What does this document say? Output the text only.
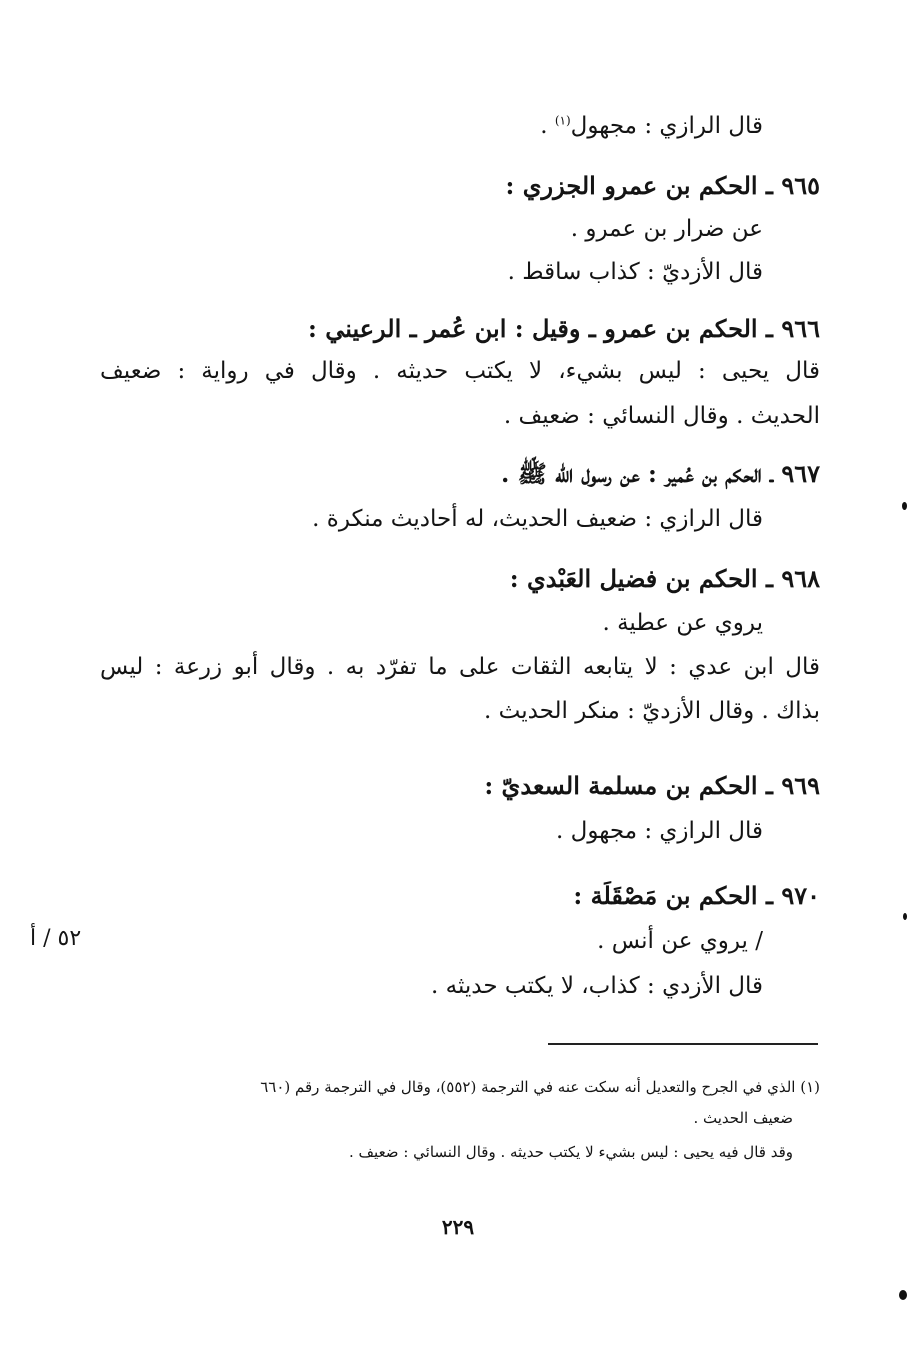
قال الرازي : مجهول$^{(١)}$ .
٩٦٥ ـ الحكم بن عمرو الجزري :
عن ضرار بن عمرو .
قال الأزديّ : كذاب ساقط .
٩٦٦ ـ الحكم بن عمرو ـ وقيل : ابن عُمر ـ الرعيني :
قال يحيى : ليس بشيء، لا يكتب حديثه . وقال في رواية : ضعيف
الحديث . وقال النسائي : ضعيف .
٩٦٧ ـ الحكم بن عُمير : عن رسول الله ﷺ .
قال الرازي : ضعيف الحديث، له أحاديث منكرة .
٩٦٨ ـ الحكم بن فضيل العَبْدي :
يروي عن عطية .
قال ابن عدي : لا يتابعه الثقات على ما تفرّد به . وقال أبو زرعة : ليس
بذاك . وقال الأزديّ : منكر الحديث .
٩٦٩ ـ الحكم بن مسلمة السعديّ :
قال الرازي : مجهول .
٩٧٠ ـ الحكم بن مَصْقَلَة :
/ يروي عن أنس .
قال الأزدي : كذاب، لا يكتب حديثه .
٥٢ / أ
(١) الذي في الجرح والتعديل أنه سكت عنه في الترجمة (٥٥٢)، وقال في الترجمة رقم (٦٦٠
ضعيف الحديث .
وقد قال فيه يحيى : ليس بشيء لا يكتب حديثه . وقال النسائي : ضعيف .
٢٢٩
